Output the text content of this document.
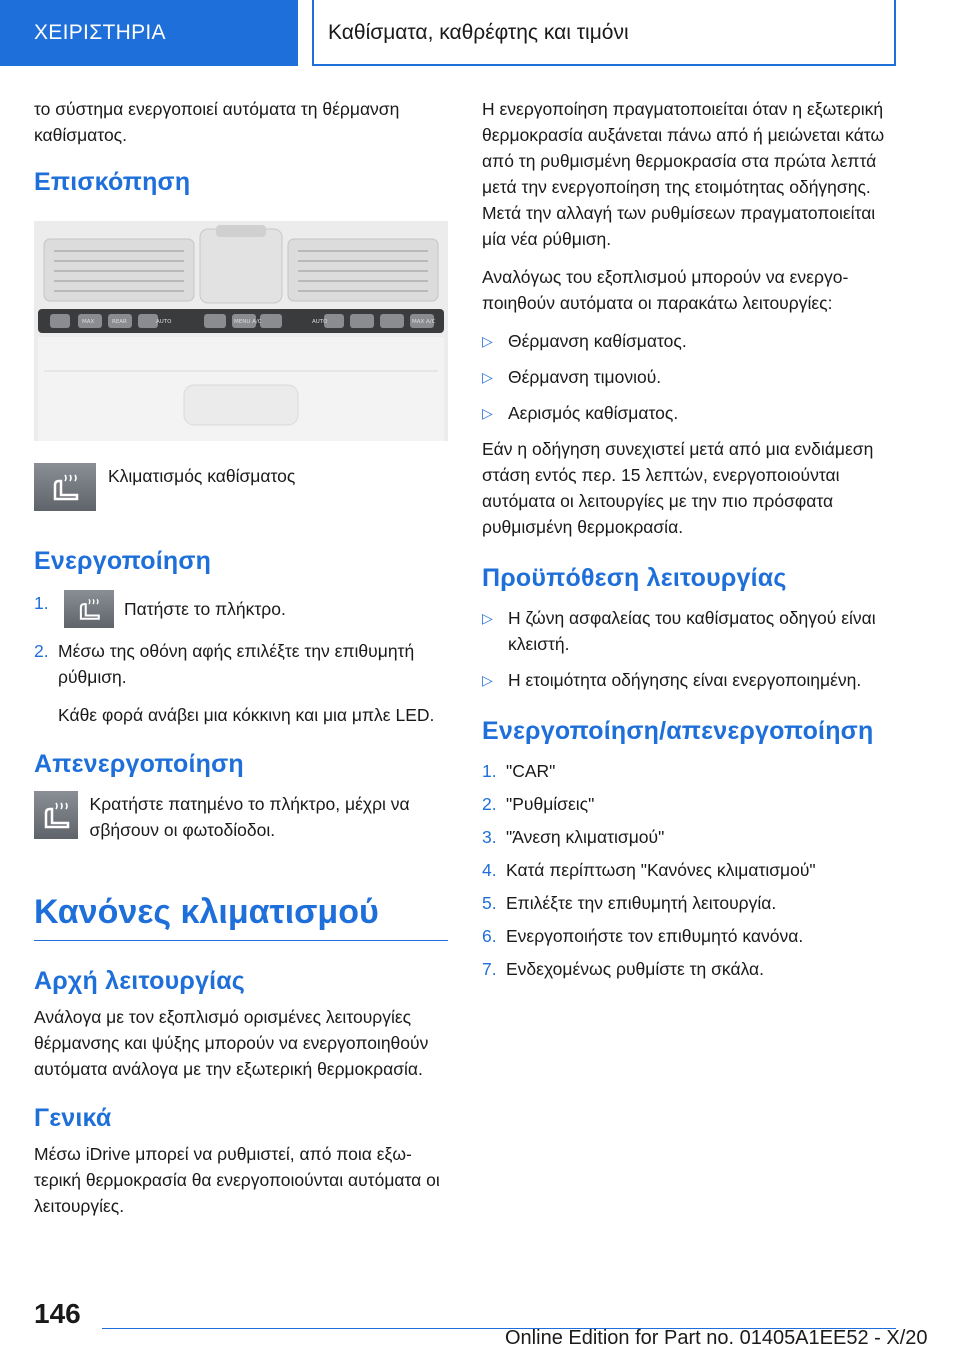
ΧΕΙΡΙΣΤΗΡΙΑ	Καθίσματα, καθρέφτης και τιμόνι

το σύστημα ενεργοποιεί αυτόματα τη θέρμανση καθίσματος.

Επισκόπηση
MAX	REAR	AUTO	MENU A/C	AUTO	MAX A/C

Κλιματισμός καθίσματος

Ενεργοποίηση
1.	Πατήστε το πλήκτρο.

2. Μέσω της οθόνη αφής επιλέξτε την επιθυμητή ρύθμιση.

Κάθε φορά ανάβει μια κόκκινη και μια μπλε LED.

Απενεργοποίηση

Κρατήστε πατημένο το πλήκτρο, μέχρι να σβήσουν οι φωτοδίοδοι.

Κανόνες κλιματισμού
Αρχή λειτουργίας

Ανάλογα με τον εξοπλισμό ορισμένες λειτουργίες θέρμανσης και ψύξης μπορούν να ενεργοποιηθούν αυτόματα ανάλογα με την εξωτερική θερμοκρασία.

Γενικά

Μέσω iDrive μπορεί να ρυθμιστεί, από ποια εξωτερική θερμοκρασία θα ενεργοποιούνται αυτόματα οι λειτουργίες.

Η ενεργοποίηση πραγματοποιείται όταν η εξωτερική θερμοκρασία αυξάνεται πάνω από ή μειώνεται κάτω από τη ρυθμισμένη θερμοκρασία στα πρώτα λεπτά μετά την ενεργοποίηση της ετοιμότητας οδήγησης. Μετά την αλλαγή των ρυθμίσεων πραγματοποιείται μία νέα ρύθμιση.

Αναλόγως του εξοπλισμού μπορούν να ενεργοποιηθούν αυτόματα οι παρακάτω λειτουργίες:

▷ Θέρμανση καθίσματος.

▷ Θέρμανση τιμονιού.

▷ Αερισμός καθίσματος.

Εάν η οδήγηση συνεχιστεί μετά από μια ενδιάμεση στάση εντός περ. 15 λεπτών, ενεργοποιούνται αυτόματα οι λειτουργίες με την πιο πρόσφατα ρυθμισμένη θερμοκρασία.

Προϋπόθεση λειτουργίας
▷ Η ζώνη ασφαλείας του καθίσματος οδηγού είναι κλειστή.

▷ Η ετοιμότητα οδήγησης είναι ενεργοποιημένη.

Ενεργοποίηση/απενεργοποίηση
1. "CAR"

2. "Ρυθμίσεις"

3. "Άνεση κλιματισμού"

4. Κατά περίπτωση "Κανόνες κλιματισμού"

5. Επιλέξτε την επιθυμητή λειτουργία.

6. Ενεργοποιήστε τον επιθυμητό κανόνα.

7. Ενδεχομένως ρυθμίστε τη σκάλα.

146
Online Edition for Part no. 01405A1EE52 - X/20
